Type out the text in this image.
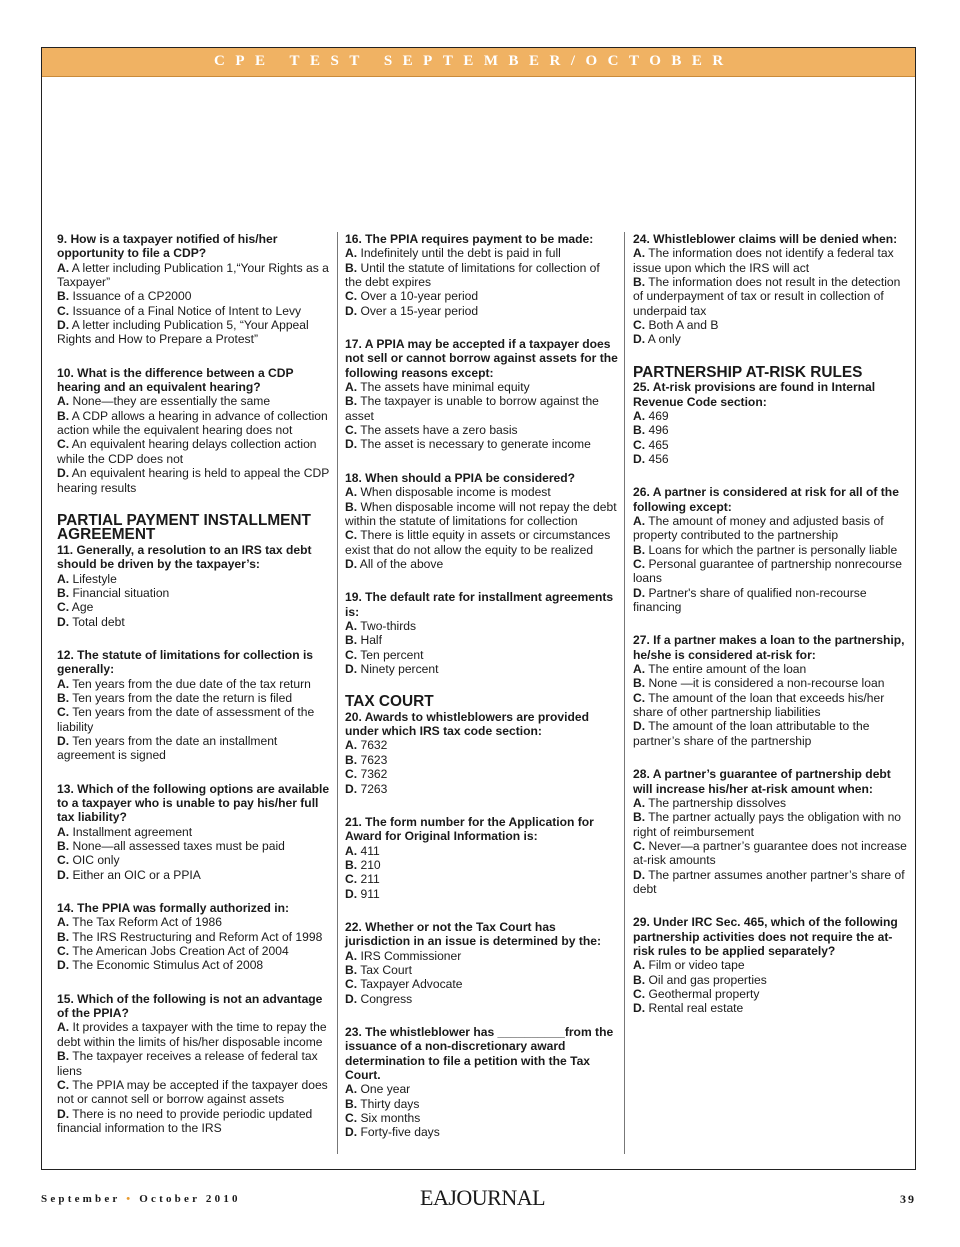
CPE TEST SEPTEMBER/OCTOBER
9. How is a taxpayer notified of his/her opportunity to file a CDP?
A. A letter including Publication 1,“Your Rights as a Taxpayer”
B. Issuance of a CP2000
C. Issuance of a Final Notice of Intent to Levy
D. A letter including Publication 5, “Your Appeal Rights and How to Prepare a Protest”
10. What is the difference between a CDP hearing and an equivalent hearing?
A. None—they are essentially the same
B. A CDP allows a hearing in advance of collection action while the equivalent hearing does not
C. An equivalent hearing delays collection action while the CDP does not
D. An equivalent hearing is held to appeal the CDP hearing results
PARTIAL PAYMENT INSTALLMENT AGREEMENT
11. Generally, a resolution to an IRS tax debt should be driven by the taxpayer’s:
A. Lifestyle
B. Financial situation
C. Age
D. Total debt
12. The statute of limitations for collection is generally:
A. Ten years from the due date of the tax return
B. Ten years from the date the return is filed
C. Ten years from the date of assessment of the liability
D. Ten years from the date an installment agreement is signed
13. Which of the following options are available to a taxpayer who is unable to pay his/her full tax liability?
A. Installment agreement
B. None—all assessed taxes must be paid
C. OIC only
D. Either an OIC or a PPIA
14. The PPIA was formally authorized in:
A. The Tax Reform Act of 1986
B. The IRS Restructuring and Reform Act of 1998
C. The American Jobs Creation Act of 2004
D. The Economic Stimulus Act of 2008
15. Which of the following is not an advantage of the PPIA?
A. It provides a taxpayer with the time to repay the debt within the limits of his/her disposable income
B. The taxpayer receives a release of federal tax liens
C. The PPIA may be accepted if the taxpayer does not or cannot sell or borrow against assets
D. There is no need to provide periodic updated financial information to the IRS
16. The PPIA requires payment to be made:
A. Indefinitely until the debt is paid in full
B. Until the statute of limitations for collection of the debt expires
C. Over a 10-year period
D. Over a 15-year period
17. A PPIA may be accepted if a taxpayer does not sell or cannot borrow against assets for the following reasons except:
A. The assets have minimal equity
B. The taxpayer is unable to borrow against the asset
C. The assets have a zero basis
D. The asset is necessary to generate income
18. When should a PPIA be considered?
A. When disposable income is modest
B. When disposable income will not repay the debt within the statute of limitations for collection
C. There is little equity in assets or circumstances exist that do not allow the equity to be realized
D. All of the above
19. The default rate for installment agreements is:
A. Two-thirds
B. Half
C. Ten percent
D. Ninety percent
TAX COURT
20. Awards to whistleblowers are provided under which IRS tax code section:
A. 7632
B. 7623
C. 7362
D. 7263
21. The form number for the Application for Award for Original Information is:
A. 411
B. 210
C. 211
D. 911
22. Whether or not the Tax Court has jurisdiction in an issue is determined by the:
A. IRS Commissioner
B. Tax Court
C. Taxpayer Advocate
D. Congress
23. The whistleblower has __________from the issuance of a non-discretionary award determination to file a petition with the Tax Court.
A. One year
B. Thirty days
C. Six months
D. Forty-five days
24. Whistleblower claims will be denied when:
A. The information does not identify a federal tax issue upon which the IRS will act
B. The information does not result in the detection of underpayment of tax or result in collection of underpaid tax
C. Both A and B
D. A only
PARTNERSHIP AT-RISK RULES
25. At-risk provisions are found in Internal Revenue Code section:
A. 469
B. 496
C. 465
D. 456
26. A partner is considered at risk for all of the following except:
A. The amount of money and adjusted basis of property contributed to the partnership
B. Loans for which the partner is personally liable
C. Personal guarantee of partnership nonrecourse loans
D. Partner's share of qualified non-recourse financing
27. If a partner makes a loan to the partnership, he/she is considered at-risk for:
A. The entire amount of the loan
B. None —it is considered a non-recourse loan
C. The amount of the loan that exceeds his/her share of other partnership liabilities
D. The amount of the loan attributable to the partner’s share of the partnership
28. A partner’s guarantee of partnership debt will increase his/her at-risk amount when:
A. The partnership dissolves
B. The partner actually pays the obligation with no right of reimbursement
C. Never—a partner’s guarantee does not increase at-risk amounts
D. The partner assumes another partner’s share of debt
29. Under IRC Sec. 465, which of the following partnership activities does not require the at-risk rules to be applied separately?
A. Film or video tape
B. Oil and gas properties
C. Geothermal property
D. Rental real estate
September • October 2010	EAJOURNAL	39
